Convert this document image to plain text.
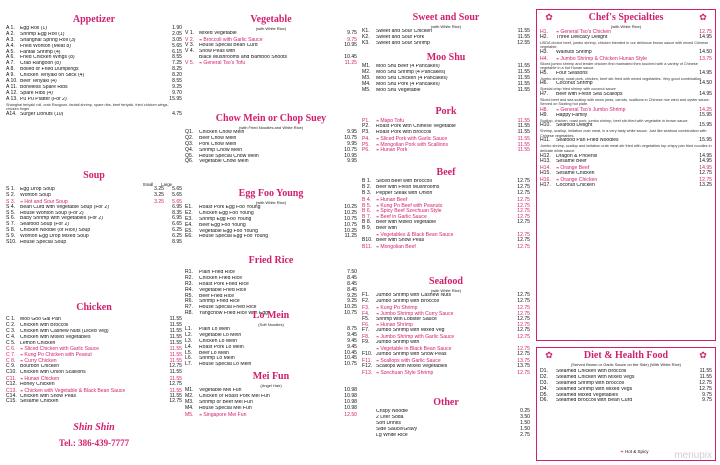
Appetizer
A 1.	Egg Roll (1)	1.90
A 2.	Shrimp Egg Roll (1)	2.05
A 3.	Shanghai Spring Roll (3)	3.05
A 4.	Fried Wonton (Meat 8)	5.65
A 5.	Fantail Shrimp (4)	6.15
A 6.	Fried Chicken Wings (8)	8.55
A 7.	Crab Rangoon (8)	7.25
A 8.	Boiled or Fried Dumplings	8.25
A 9.	Chicken Teriyaki on Stick (4)	8.20
A 10. Beef Teriyaki (4)	8.55
A 11. Boneless Spare Ribs	9.25
A 12. Spare Ribs (4)	9.70
A 13. Pu Pu Platter (For 2)	15.95
Shanghai teriyaki roll, crab Rangoon, fantail shrimp, spare ribs, beef teriyaki, fried chicken wings, chicken finger
A14. Surger Donuts (10)	4.75
Soup
Small Large
S 1. Egg Drop Soup	3.25	5.65
S 2. Wonton Soup	3.25	5.65
S 3.	❧Hot and Sour Soup	3.25	5.65
S 4. Bean Curd with Vegetable Soup (For 2)	6.95
S 5. House Wonton Soup (For 2)	8.35
S 6. Baby Shrimp with Vegetables (For 2)	6.95
S 7. Seafood Soup (For 2)	6.65
S 8. Chicken Noodle (or Rice) Soup	6.25
S 9. Wonton Egg Drop Mixed Soup	6.25
S10. House Special Soup	8.95
Chicken
C 1. Moo Goo Gai Pan	11.55
C 2. Chicken with Broccoli	11.55
C 3. Chicken with Cashew Nuts (Diced Veg)	11.55
C 4. Chicken with Mixed Vegetables	11.55
C 5. Lemon Chicken	11.55
C 6.	❧Sliced Chicken with Garlic Sauce	11.55
C 7.	❧Kung Po Chicken with Peanut	11.55
C 8.	❧Curry Chicken	11.55
C 9. Bourbon Chicken	12.75
C10. Chicken with Onion Scallions	11.55
C11. ❧Hunan Chicken	11.55
C12. Honey Chicken	12.75
C13. ❧Chicken with Vegetable & Black Bean Sauce	11.55
C14. Chicken with Snow Peas	11.55
C15. Sesame Chicken	12.75
Shin Shin
Tel.: 386-439-7777
Vegetable
(with White Rice)
V 1. Mixed Vegetable	9.75
V 2.	❧Broccoli with Garlic Sauce	9.75
V 3. House Special Bean Curd	10.95
V 4. Snow Peas with
Black Mushrooms and Bamboo Shoots	10.45
V 5.	❧General Tso's Tofu	11.25
Chow Mein or Chop Suey
(with Fried Noodles and White Rice)
Q1.	Chicken Chow Mein	9.95
Q2.	Beef Chow Mein	10.75
Q3.	Pork Chow Mein	9.95
Q4.	Shrimp Chow Mein	10.75
Q5.	House Special Chow Mein	10.95
Q6.	Vegetable Chow Mein	9.95
Egg Foo Young
(with White Rice)
E1.	Roast Pork Egg Foo Young	10.25
E2.	Chicken Egg Foo Young	10.25
E3.	Shrimp Egg Foo Young	10.75
E4.	Beef Egg Foo Young	10.75
E5.	Vegetable Egg Foo Young	10.25
E6.	House Special Egg Foo Young	11.25
Fried Rice
R1.	Plain Fried Rice	7.50
R2.	Chicken Fried Rice	8.45
R3.	Roast Pork Fried Rice	8.45
R4.	Vegetable Fried Rice	8.45
R5.	Beef Fried Rice	9.25
R6.	Shrimp Fried Rice	9.25
R7.	House Special Fried Rice	10.25
R8.	Yangchow Fried Rice with Egg	10.75
Lo Mein
(Soft Noodles)
L1.	Plain Lo Mein	8.75
L2.	Vegetable Lo Mein	9.45
L3.	Chicken Lo Mein	9.45
L4.	Roast Pork Lo Mein	9.45
L5.	Beef Lo Mein	10.45
L6.	Shrimp Lo Mein	10.45
L7.	House Special Lo Mein	10.75
Mei Fun
(Angel Hair)
M1.	Vegetable Mei Fun	10.98
M2.	Chicken or Roast Pork Mei Fun	10.98
M3.	Shrimp or Beef Mei Fun	10.98
M4.	House Special Mei Fun	10.98
M5.	❧Singapore Mei Fun	12.50
Sweet and Sour
(with White Rice)
K1.	Sweet and Sour Chicken	11.55
K2.	Sweet and Sour Pork	11.55
K3.	Sweet and Sour Shrimp	12.55
Moo Shu
M1.	Moo Shu Beef (4 Pancakes)	11.55
M2.	Moo Shu Shrimp (4 Pancakes)	11.55
M3.	Moo Shu Chicken (4 Pancakes)	11.55
M4.	Moo Shu Pork (4 Pancakes)	11.55
M5.	Moo Shu Vegetable	11.55
Pork
P1.	❧Mapo Tofu	11.55
P2.	Roast Pork with Chinese Vegetable	11.55
P3.	Roast Pork with Broccoli	11.55
P4.	❧Sliced Pork with Garlic Sauce	11.55
P5.	❧Mongolian Pork with Scallions	11.55
P6.	❧Hunan Pork	11.55
Beef
B 1. Sliced Beef with Broccoli	12.75
B 2. Beef with Fresh Mushrooms	12.75
B 3. Pepper Steak with Onion	12.75
B 4.	❧Hunan Beef	12.75
B 5.	❧Kung Po Beef with Peanuts	12.75
B 6.	❧Spicy Beef Szechuan Style	12.75
B 7.	❧Beef in Garlic Sauce	12.75
B 8. Beef with Mixed Vegetable	12.75
B 9. Beef with
❧Vegetables & Black Bean Sauce	12.75
B10. Beef with Snow Peas	12.75
B11. ❧Mongolian Beef	12.75
Seafood
(with White Rice)
F1.	Jumbo Shrimp with Cashew Nuts	12.75
F2.	Jumbo Shrimp with Broccoli	12.75
F3.	❧Kung Po Shrimp	12.75
F4.	❧Jumbo Shrimp with Curry Sauce	12.75
F5.	Shrimp with Lobster Sauce	12.75
F6.	❧Hunan Shrimp	12.75
F7.	Jumbo Shrimp with Mixed Veg	12.75
F8.	❧Jumbo Shrimp with Garlic Sauce	12.75
F9.	Jumbo Shrimp with
❧Vegetable in Black Bean Sauce	12.75
F10. Jumbo Shrimp with Snow Peas	12.75
F11.	❧Scallops with Garlic Sauce	13.75
F12. Scallops with Mixed Vegetables	13.75
F13. ❧Szechuan Style Shrimp	12.75
Other
Crispy Noodle	0.25
2 Liter Soda	3.50
Soft Drinks	1.50
Side Sauce/Gravy	1.50
Lg White Rice	2.75
✿	✿
Chef's Specialties
(with White Rice)
H1.	❧General Tso's Chicken	12.75
H2.	Three Delicacy Delight	14.95
USDA choice beef, jumbo shrimp, chicken blended in our delicious brown sauce with mixed Chinese vegetable.
H3.	Walnuts Shrimp	14.50
H4.	❧Jumbo Shrimp & Chicken Hunan Style	13.75
Sliced jumbo shrimp and tender chicken first marinated then touched with a variety of Chinese vegetable in a hot Hunan sauce.
H5.	Four Seasons	14.95
Jumbo shrimp, roast pork, chicken, beef stir-fried with mixed vegetables. Very good combination.
H6.	Coconut Shrimp	14.50
Special crisp fried shrimp with coconut sauce
H7.	Beef with Fresh Sea Scallops	14.95
Sliced beef and sea scallop with snow peas, carrots, scallions in Chinese rice wind and oyster sauce. Served on Sizzling hot plate.
H8.	❧General Tso's Jumbo Shrimp	14.25
H9.	Happy Family	15.95
Scallop, chicken, roast pork, jumbo shrimp, beef stir-fried with vegetable in brown sauce.
H10.	Seafood Delight	15.95
Shrimp, scallop, imitation crab meat, in a very tasty white sauce. Just like seafood combination with Chinese vegetables.
H11.	Seafood Pan Fried Noodles	15.95
Jumbo shrimp, scallop and imitation crab meat stir fried with vegetables top crispy pan fried noodles in delicate white sauce.
H12.	Dragon & Phoenix	14.95
H13.	Sesame Beef	14.95
H14.	❧Orange Beef	14.95
H15.	Sesame Chicken	12.75
H16.	❧Orange Chicken	12.75
H17.	Coconut Chicken	13.25
✿	✿
Diet & Health Food
(Served Brown or Garlic Sauce on the Side) (With White Rice)
D1.	Steamed Chicken with Broccoli	11.55
D2.	Steamed Chicken with Mixed Vegs	11.55
D3.	Steamed Shrimp with Broccoli	12.75
D4.	Steamed Shrimp with Mixed Vegs	12.75
D5.	Steamed Mixed Vegetables	9.75
D6.	Steamed Broccoli with Bean Curd	9.75
❧ Hot & Spicy	menupix
